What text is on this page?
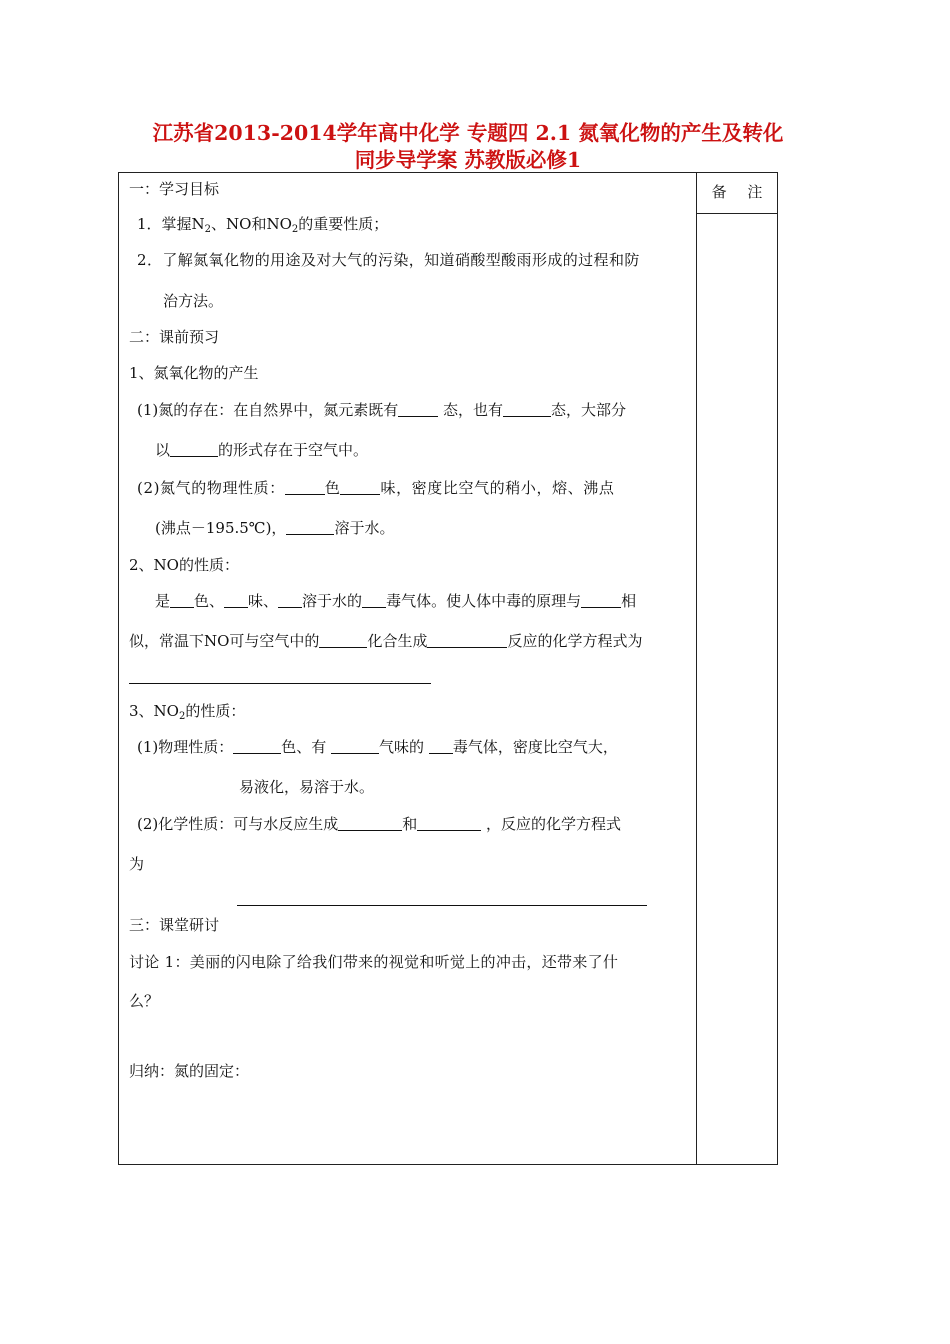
江苏省2013-2014学年高中化学 专题四 2.1 氮氧化物的产生及转化
同步导学案 苏教版必修1
一：学习目标
1．掌握$N_2$、NO和$NO_2$的重要性质；
2．了解氮氧化物的用途及对大气的污染，知道硝酸型酸雨形成的过程和防
治方法。
二：课前预习
1、氮氧化物的产生
(1)氮的存在：在自然界中，氮元素既有	态，也有	态，大部分
以	的形式存在于空气中。
(2)氮气的物理性质：	色	味，密度比空气的稍小，熔、沸点
(沸点－195.5℃)，	溶于水。
2、NO的性质：
是 色、 味、 溶于水的 毒气体。使人体中毒的原理与	相
似，常温下NO可与空气中的	化合生成	反应的化学方程式为
3、$NO_2$的性质：
(1)物理性质：	色、有	气味的 毒气体，密度比空气大，
易液化，易溶于水。
(2)化学性质：可与水反应生成	和	，反应的化学方程式
为
三：课堂研讨
讨论 1：美丽的闪电除了给我们带来的视觉和听觉上的冲击，还带来了什
么？
归纳：氮的固定：

备 注
